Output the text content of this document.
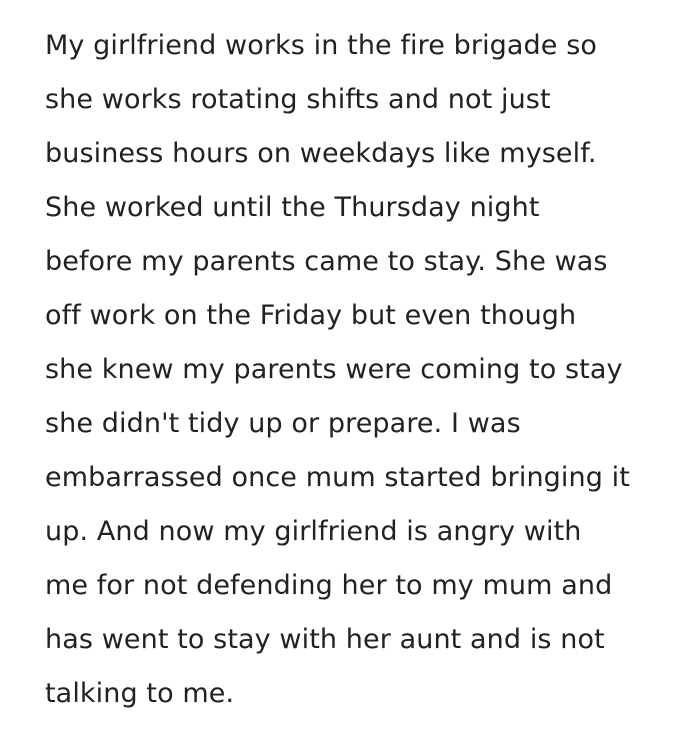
My girlfriend works in the fire brigade so
she works rotating shifts and not just
business hours on weekdays like myself.
She worked until the Thursday night
before my parents came to stay. She was
off work on the Friday but even though
she knew my parents were coming to stay
she didn't tidy up or prepare. I was
embarrassed once mum started bringing it
up. And now my girlfriend is angry with
me for not defending her to my mum and
has went to stay with her aunt and is not
talking to me.
